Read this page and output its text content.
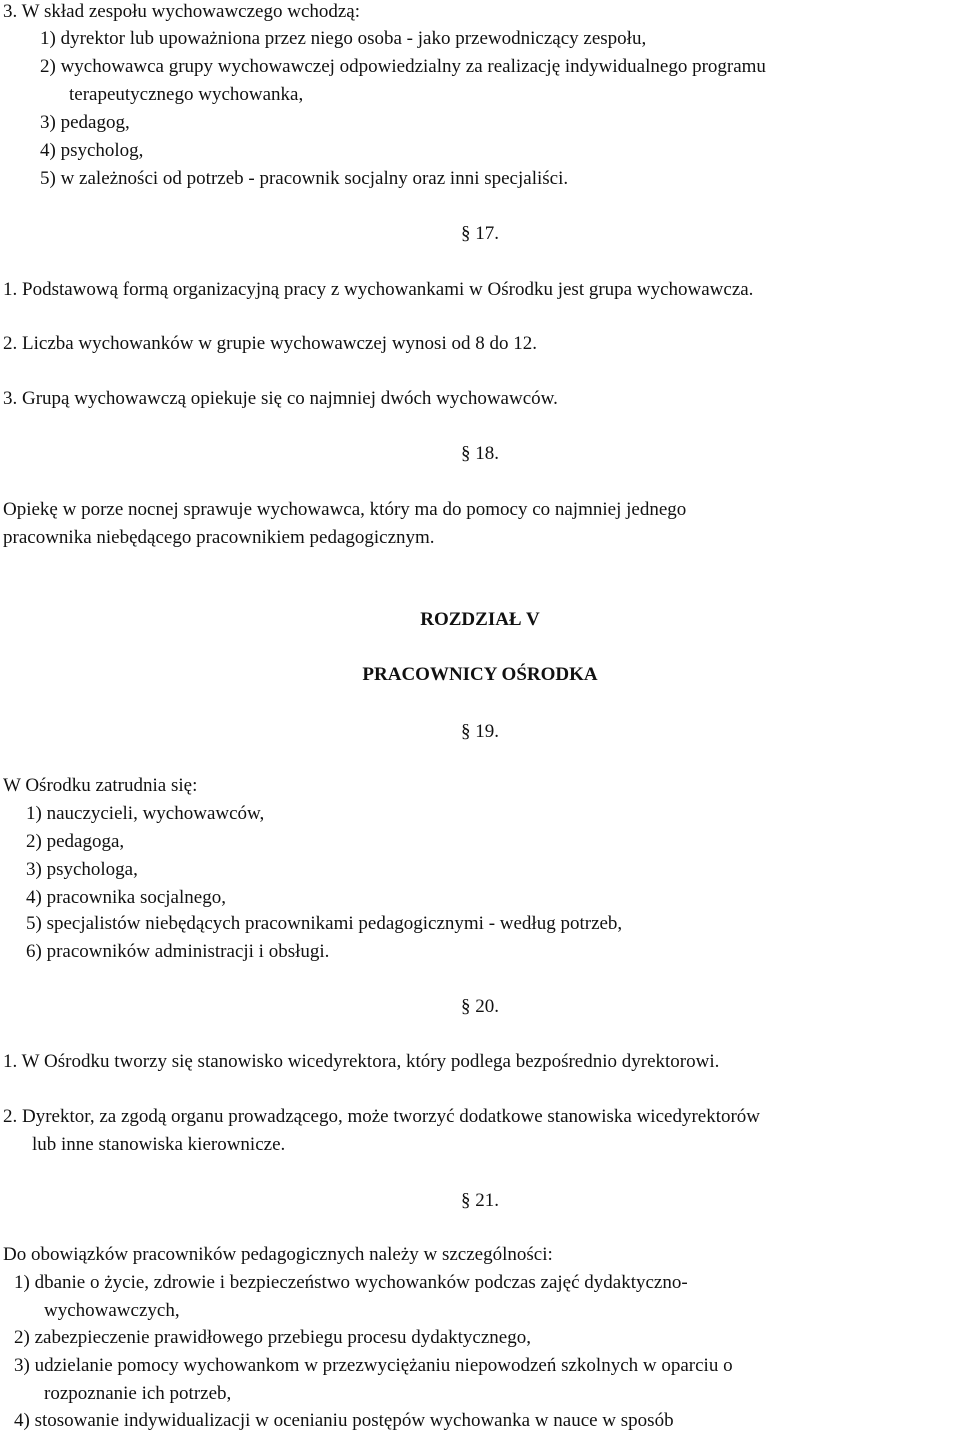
3. W skład zespołu wychowawczego wchodzą:
1) dyrektor lub upoważniona przez niego osoba - jako przewodniczący zespołu,
2) wychowawca grupy wychowawczej odpowiedzialny za realizację indywidualnego programu
terapeutycznego wychowanka,
3) pedagog,
4) psycholog,
5) w zależności od potrzeb - pracownik socjalny oraz inni specjaliści.
§ 17.
1. Podstawową formą organizacyjną pracy z wychowankami w Ośrodku jest grupa wychowawcza.
2. Liczba wychowanków w grupie wychowawczej wynosi od 8 do 12.
3. Grupą wychowawczą opiekuje się co najmniej dwóch wychowawców.
§ 18.
Opiekę w porze nocnej sprawuje wychowawca, który ma do pomocy co najmniej jednego
pracownika niebędącego pracownikiem pedagogicznym.
ROZDZIAŁ V
PRACOWNICY OŚRODKA
§ 19.
W Ośrodku zatrudnia się:
1) nauczycieli, wychowawców,
2) pedagoga,
3) psychologa,
4) pracownika socjalnego,
5) specjalistów niebędących pracownikami pedagogicznymi - według potrzeb,
6) pracowników administracji i obsługi.
§ 20.
1. W Ośrodku tworzy się stanowisko wicedyrektora, który podlega bezpośrednio dyrektorowi.
2. Dyrektor, za zgodą organu prowadzącego, może tworzyć dodatkowe stanowiska wicedyrektorów
lub inne stanowiska kierownicze.
§ 21.
Do obowiązków pracowników pedagogicznych należy w szczególności:
1) dbanie o życie, zdrowie i bezpieczeństwo wychowanków podczas zajęć dydaktyczno-
wychowawczych,
2) zabezpieczenie prawidłowego przebiegu procesu dydaktycznego,
3) udzielanie pomocy wychowankom w przezwyciężaniu niepowodzeń szkolnych w oparciu o
rozpoznanie ich potrzeb,
4) stosowanie indywidualizacji w ocenianiu postępów wychowanka w nauce w sposób
